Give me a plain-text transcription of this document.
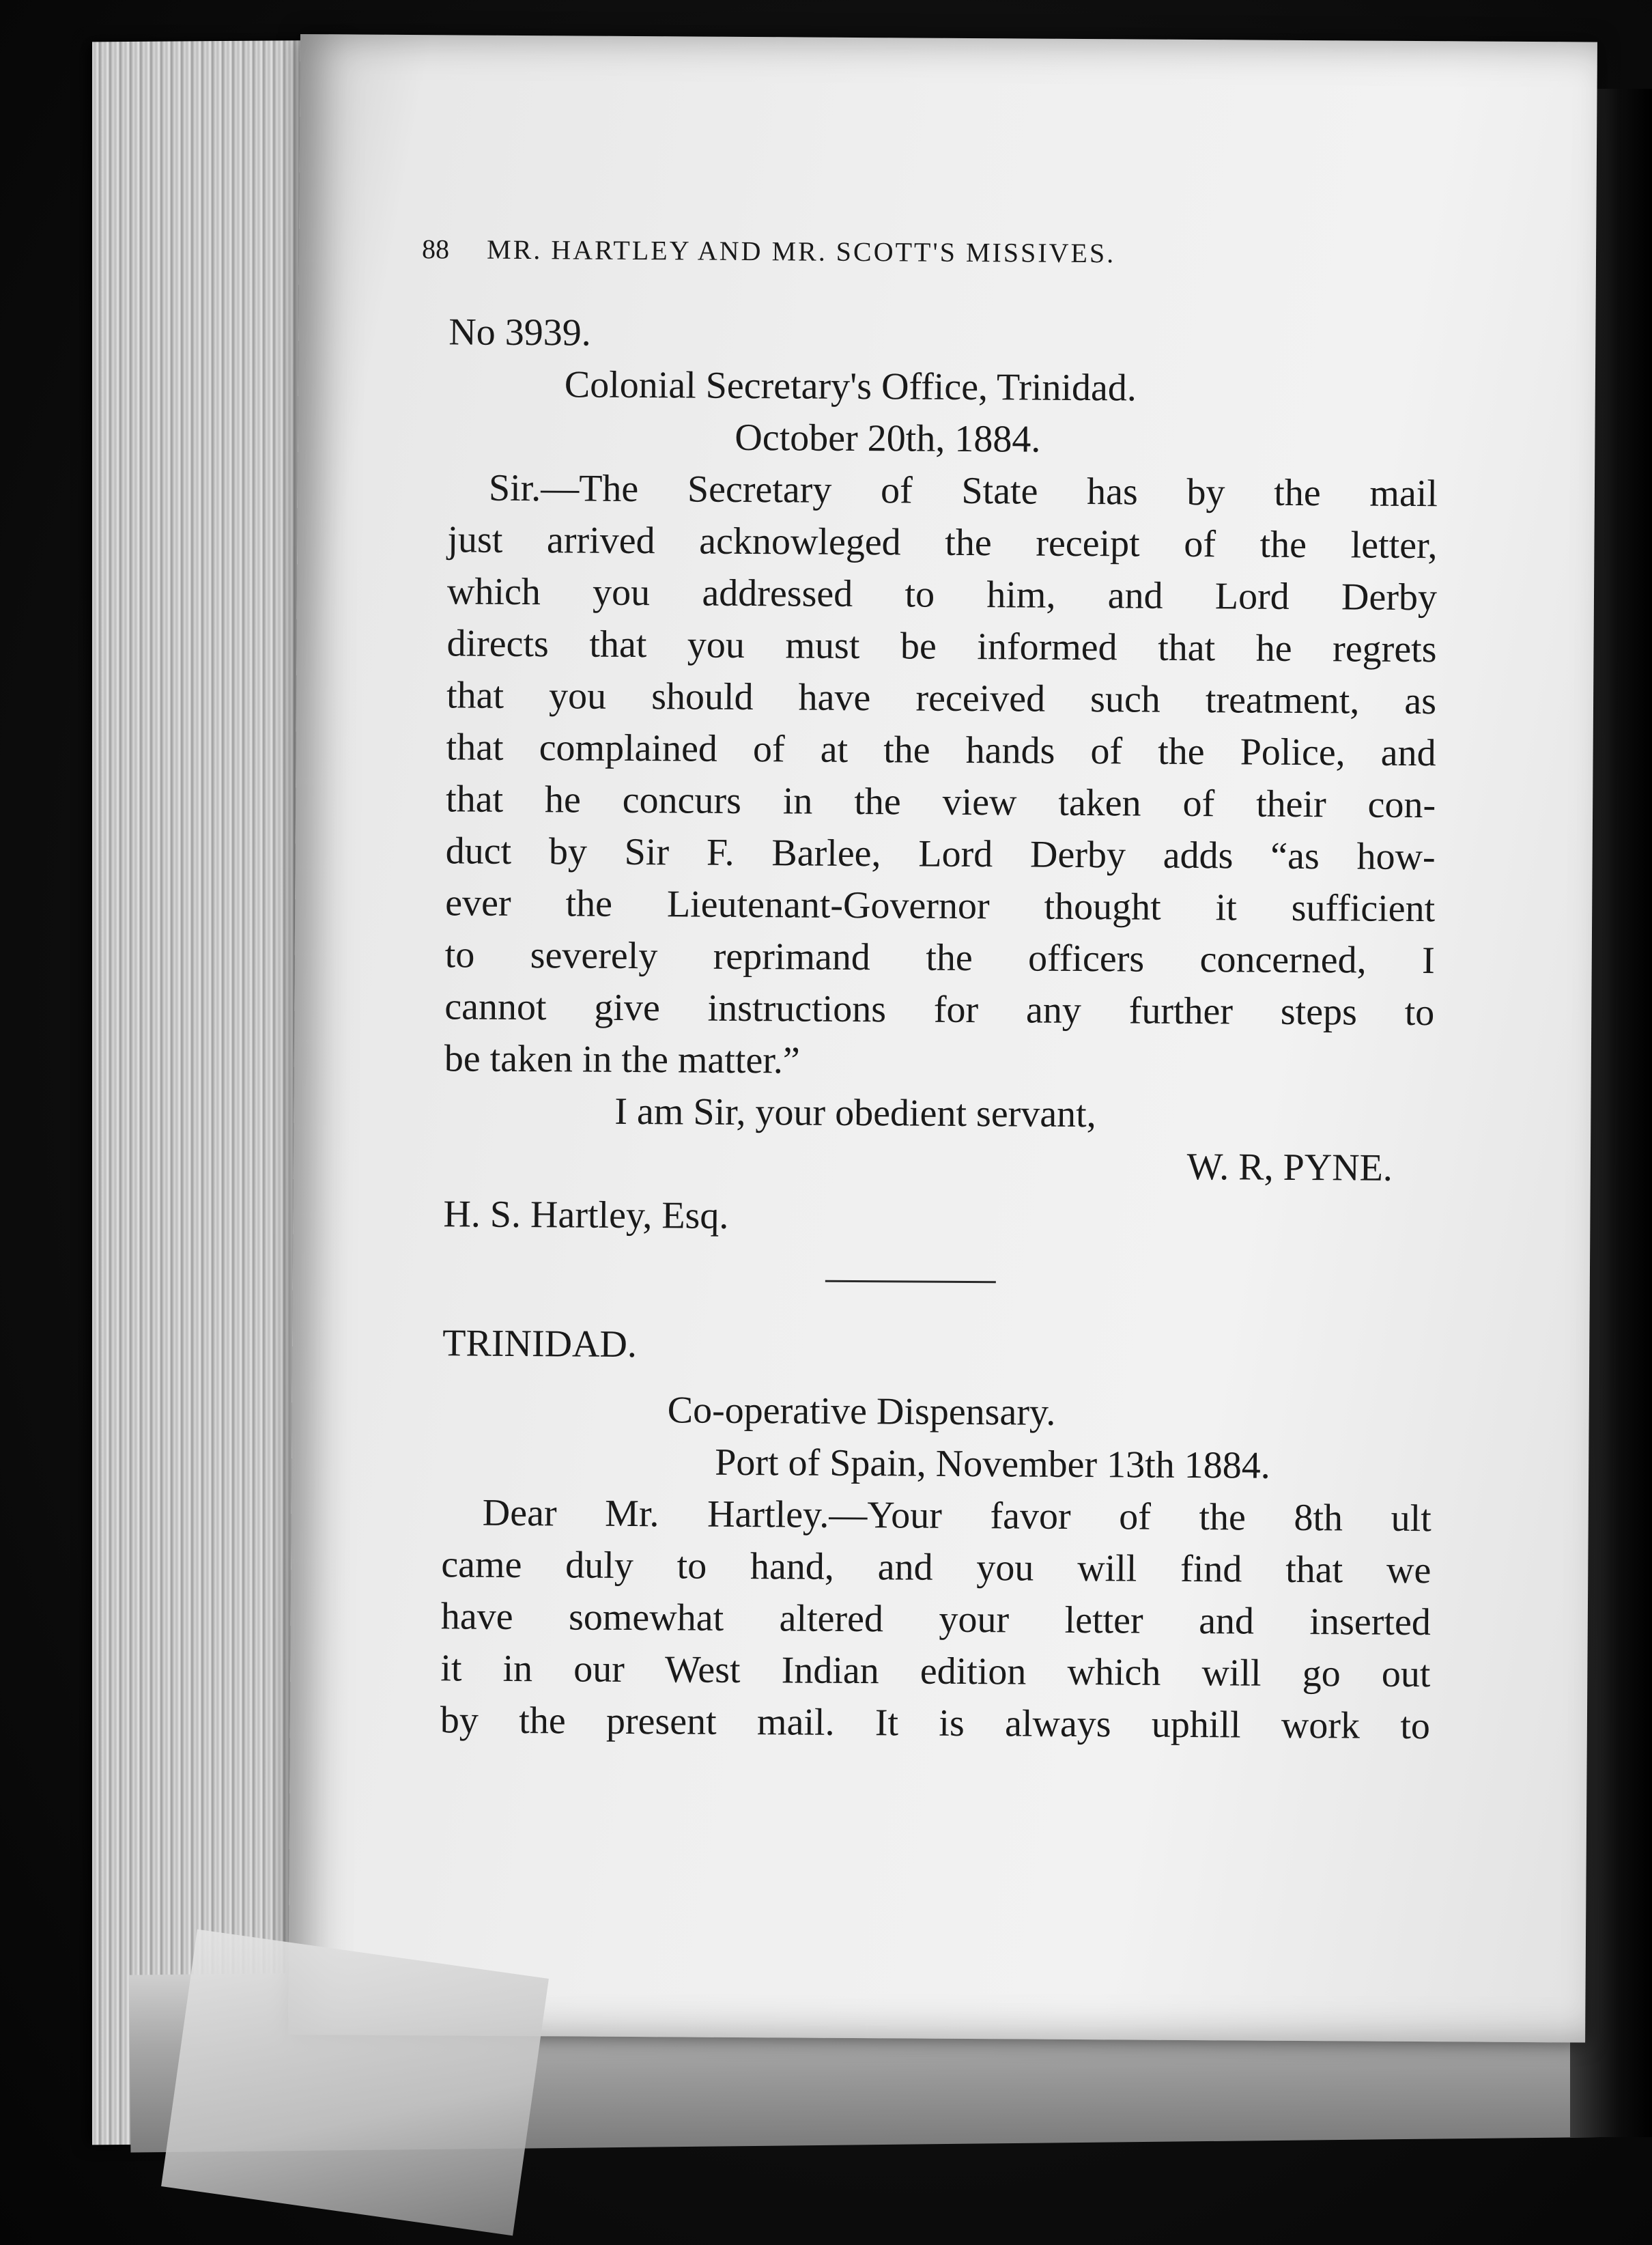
88 MR. HARTLEY AND MR. SCOTT'S MISSIVES.
No 3939.
Colonial Secretary's Office, Trinidad.
October 20th, 1884.
Sir.—The Secretary of State has by the mail
just arrived acknowleged the receipt of the letter,
which you addressed to him, and Lord Derby
directs that you must be informed that he regrets
that you should have received such treatment, as
that complained of at the hands of the Police, and
that he concurs in the view taken of their con-
duct by Sir F. Barlee, Lord Derby adds “as how-
ever the Lieutenant-Governor thought it sufficient
to severely reprimand the officers concerned, I
cannot give instructions for any further steps to
be taken in the matter.”
I am Sir, your obedient servant,
W. R, PYNE.
H. S. Hartley, Esq.
TRINIDAD.
Co-operative Dispensary.
Port of Spain, November 13th 1884.
Dear Mr. Hartley.—Your favor of the 8th ult
came duly to hand, and you will find that we
have somewhat altered your letter and inserted
it in our West Indian edition which will go out
by the present mail. It is always uphill work to
